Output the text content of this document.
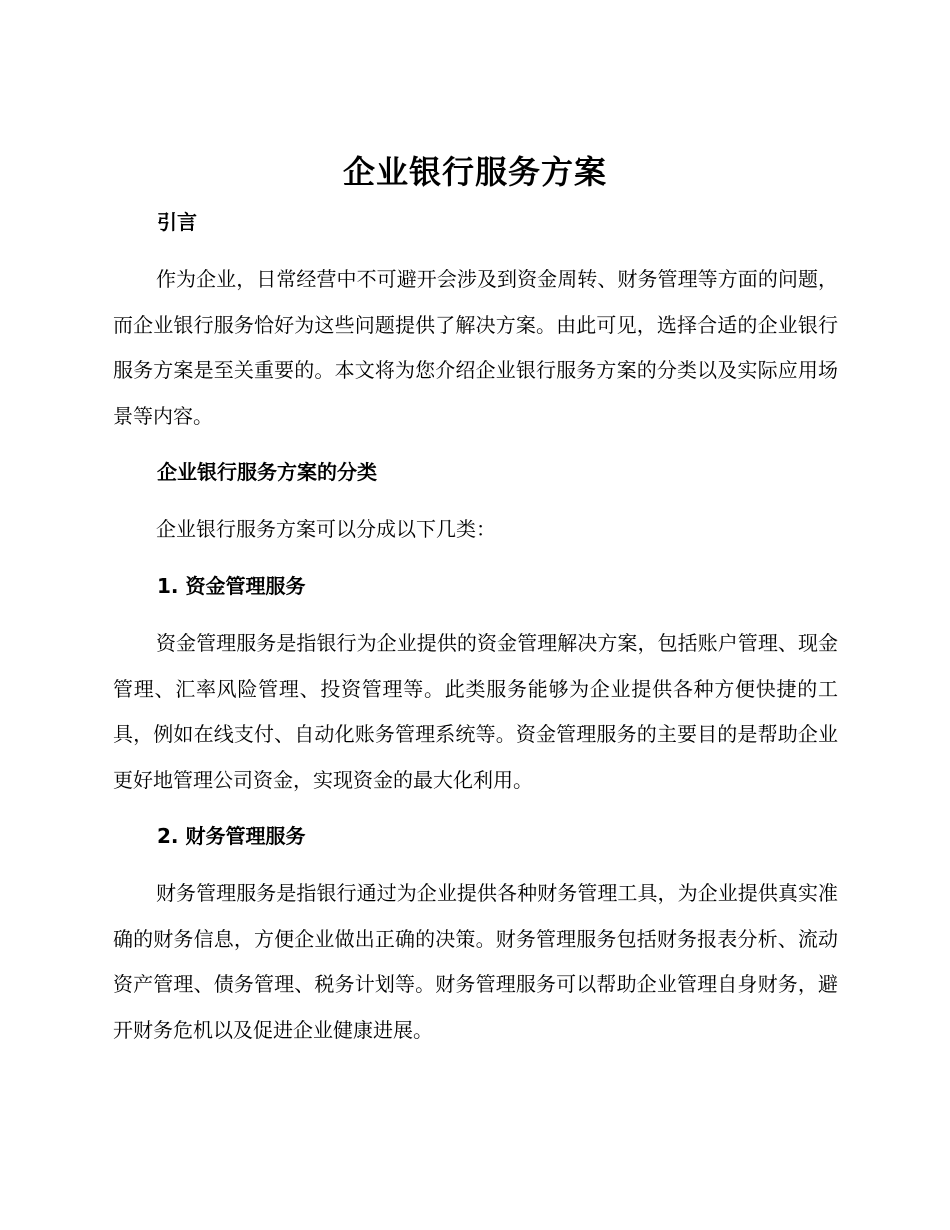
企业银行服务方案
引言

作为企业，日常经营中不可避开会涉及到资金周转、财务管理等方面的问题，而企业银行服务恰好为这些问题提供了解决方案。由此可见，选择合适的企业银行服务方案是至关重要的。本文将为您介绍企业银行服务方案的分类以及实际应用场景等内容。

企业银行服务方案的分类

企业银行服务方案可以分成以下几类：

1. 资金管理服务

资金管理服务是指银行为企业提供的资金管理解决方案，包括账户管理、现金管理、汇率风险管理、投资管理等。此类服务能够为企业提供各种方便快捷的工具，例如在线支付、自动化账务管理系统等。资金管理服务的主要目的是帮助企业更好地管理公司资金，实现资金的最大化利用。

2. 财务管理服务

财务管理服务是指银行通过为企业提供各种财务管理工具，为企业提供真实准确的财务信息，方便企业做出正确的决策。财务管理服务包括财务报表分析、流动资产管理、债务管理、税务计划等。财务管理服务可以帮助企业管理自身财务，避开财务危机以及促进企业健康进展。
